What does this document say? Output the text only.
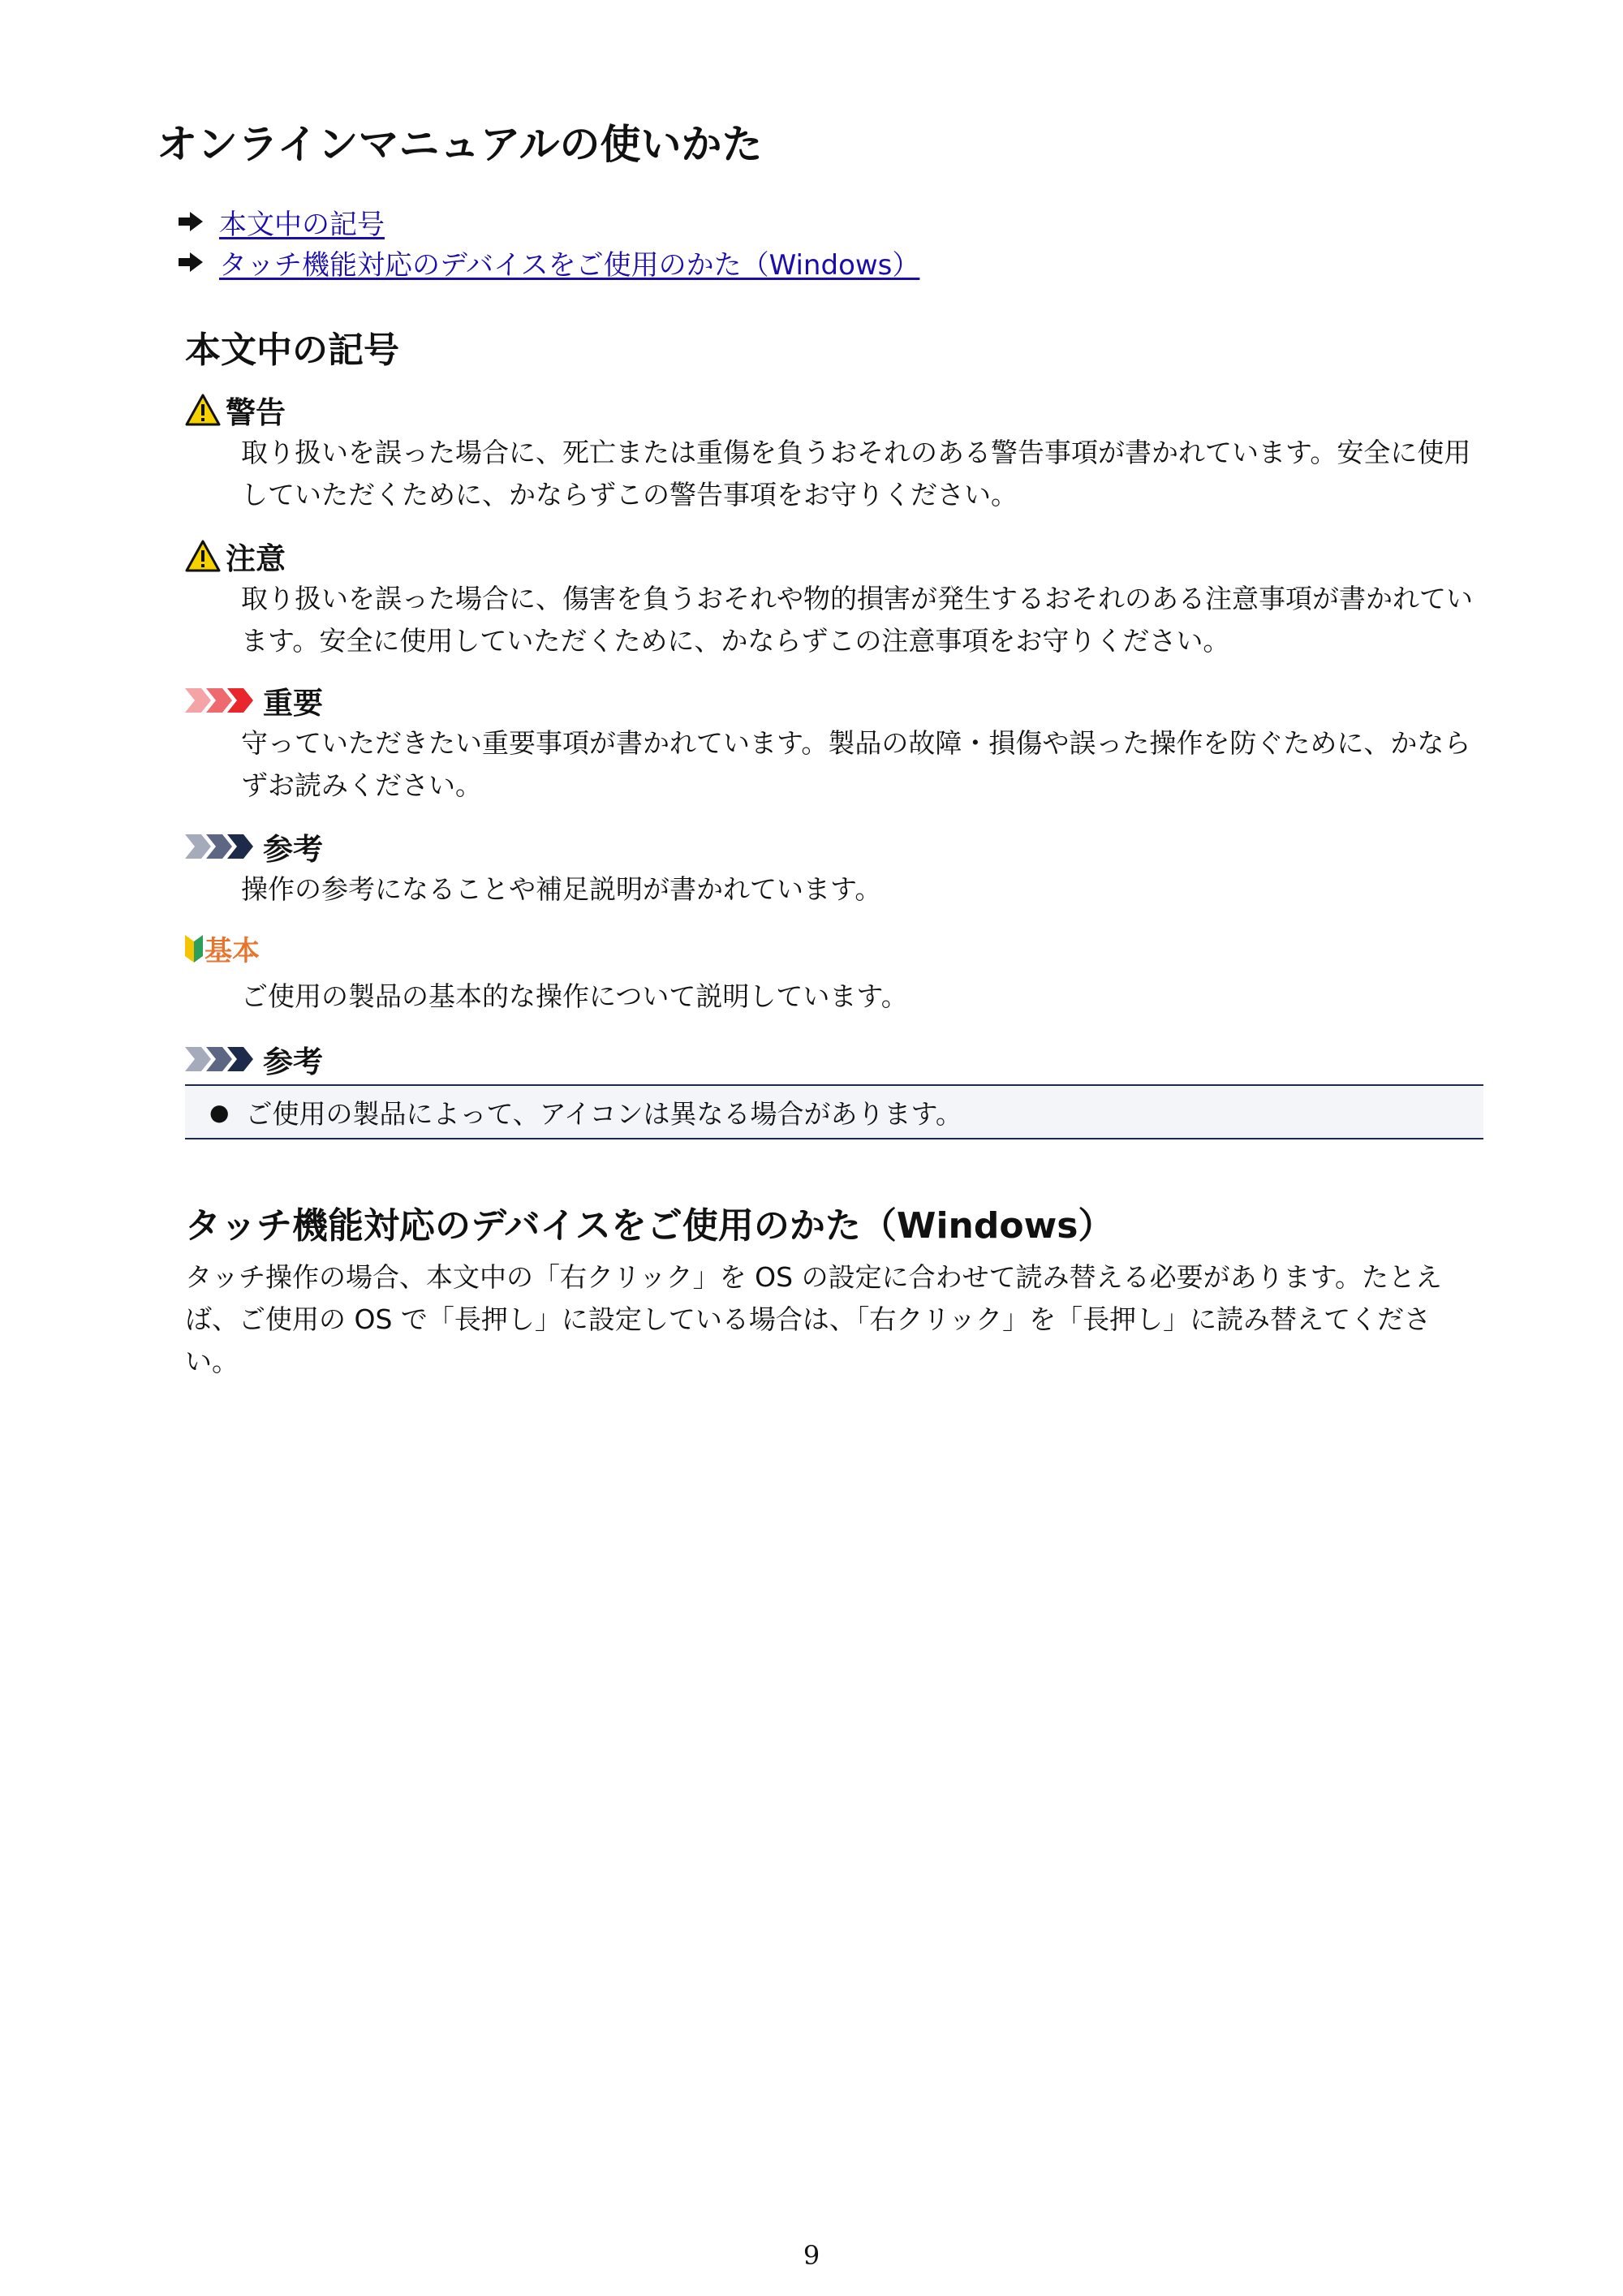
オンラインマニュアルの使いかた
本文中の記号
タッチ機能対応のデバイスをご使用のかた（Windows）
本文中の記号
警告
取り扱いを誤った場合に、死亡または重傷を負うおそれのある警告事項が書かれています。安全に使用していただくために、かならずこの警告事項をお守りください。
注意
取り扱いを誤った場合に、傷害を負うおそれや物的損害が発生するおそれのある注意事項が書かれています。安全に使用していただくために、かならずこの注意事項をお守りください。
重要
守っていただきたい重要事項が書かれています。製品の故障・損傷や誤った操作を防ぐために、かならずお読みください。
参考
操作の参考になることや補足説明が書かれています。
基本
ご使用の製品の基本的な操作について説明しています。
参考
● ご使用の製品によって、アイコンは異なる場合があります。
タッチ機能対応のデバイスをご使用のかた（Windows）
タッチ操作の場合、本文中の「右クリック」を OS の設定に合わせて読み替える必要があります。たとえば、ご使用の OS で「長押し」に設定している場合は、「右クリック」を「長押し」に読み替えてください。
9
